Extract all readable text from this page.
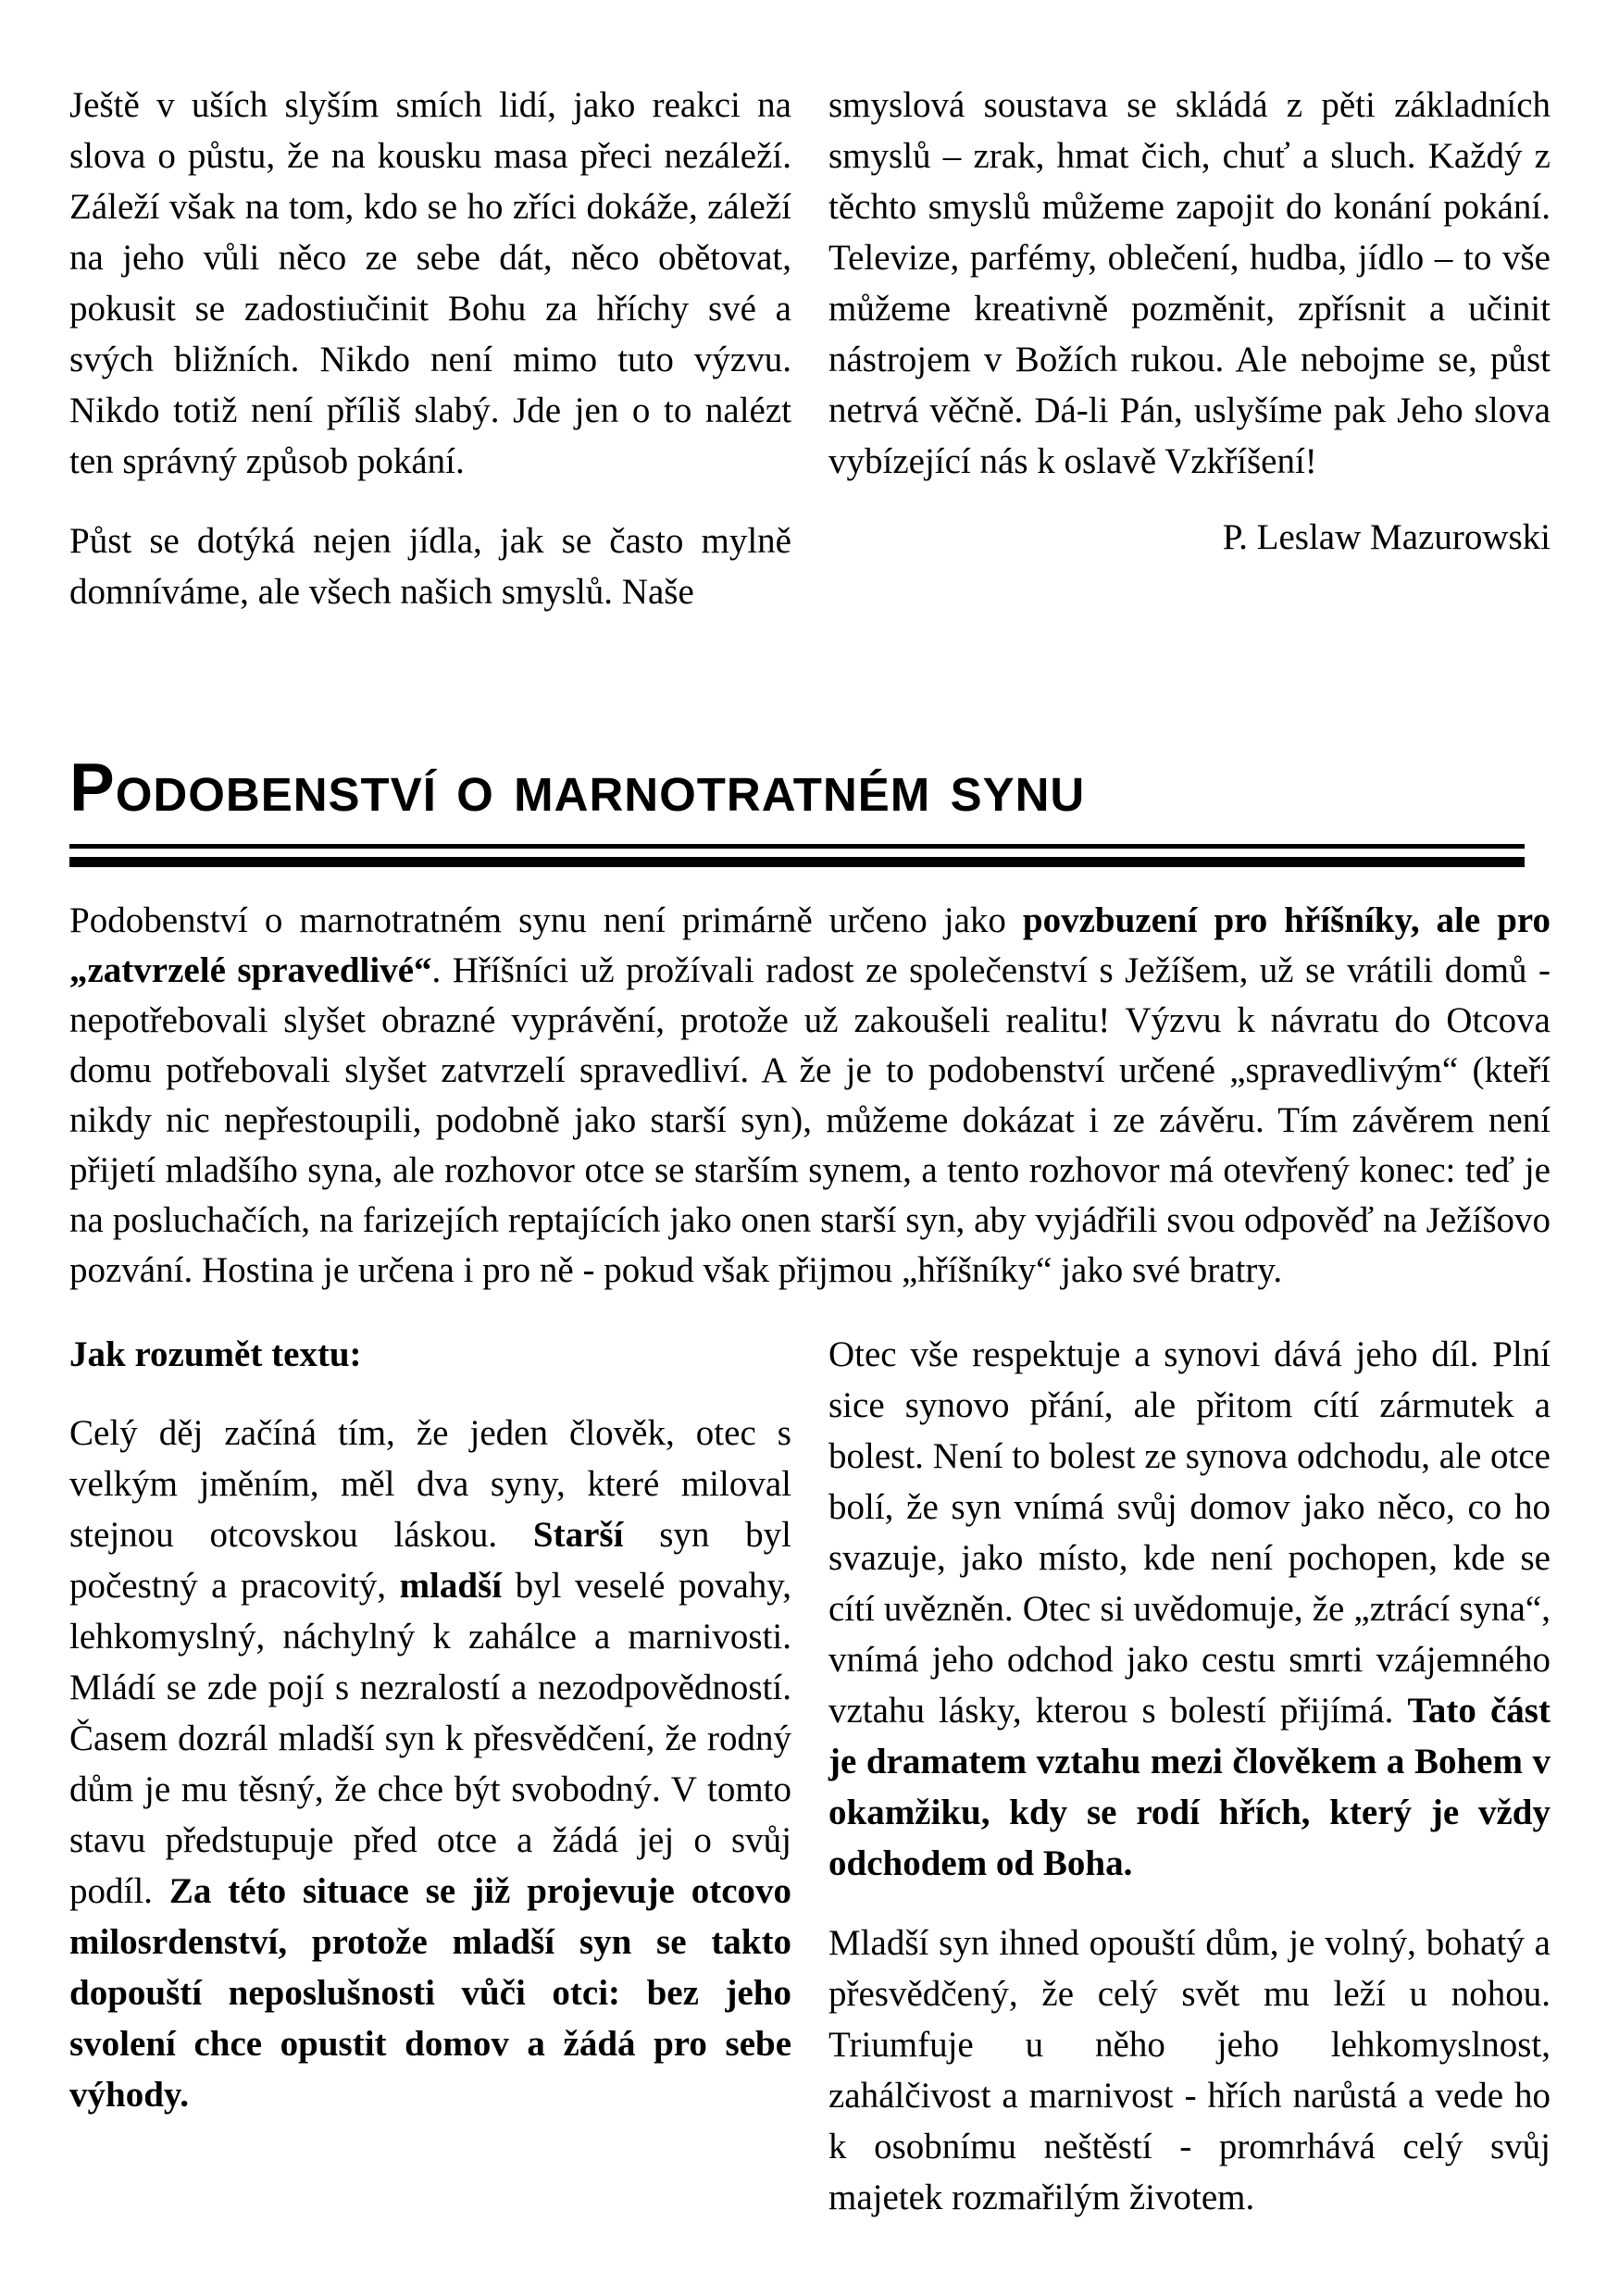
Ještě v uších slyším smích lidí, jako reakci na slova o půstu, že na kousku masa přeci nezáleží. Záleží však na tom, kdo se ho zříci dokáže, záleží na jeho vůli něco ze sebe dát, něco obětovat, pokusit se zadostiučinit Bohu za hříchy své a svých bližních. Nikdo není mimo tuto výzvu. Nikdo totiž není příliš slabý. Jde jen o to nalézt ten správný způsob pokání.

Půst se dotýká nejen jídla, jak se často mylně domníváme, ale všech našich smyslů. Naše

smyslová soustava se skládá z pěti základních smyslů – zrak, hmat čich, chuť a sluch. Každý z těchto smyslů můžeme zapojit do konání pokání. Televize, parfémy, oblečení, hudba, jídlo – to vše můžeme kreativně pozměnit, zpřísnit a učinit nástrojem v Božích rukou. Ale nebojme se, půst netrvá věčně. Dá-li Pán, uslyšíme pak Jeho slova vybízející nás k oslavě Vzkříšení!

P. Leslaw Mazurowski

Podobenství o marnotratném synu

Podobenství o marnotratném synu není primárně určeno jako povzbuzení pro hříšníky, ale pro „zatvrzelé spravedlivé“. Hříšníci už prožívali radost ze společenství s Ježíšem, už se vrátili domů - nepotřebovali slyšet obrazné vyprávění, protože už zakoušeli realitu! Výzvu k návratu do Otcova domu potřebovali slyšet zatvrzelí spravedliví. A že je to podobenství určené „spravedlivým“ (kteří nikdy nic nepřestoupili, podobně jako starší syn), můžeme dokázat i ze závěru. Tím závěrem není přijetí mladšího syna, ale rozhovor otce se starším synem, a tento rozhovor má otevřený konec: teď je na posluchačích, na farizejích reptajících jako onen starší syn, aby vyjádřili svou odpověď na Ježíšovo pozvání. Hostina je určena i pro ně - pokud však přijmou „hříšníky“ jako své bratry.

Jak rozumět textu:

Celý děj začíná tím, že jeden člověk, otec s velkým jměním, měl dva syny, které miloval stejnou otcovskou láskou. Starší syn byl počestný a pracovitý, mladší byl veselé povahy, lehkomyslný, náchylný k zahálce a marnivosti. Mládí se zde pojí s nezralostí a nezodpovědností. Časem dozrál mladší syn k přesvědčení, že rodný dům je mu těsný, že chce být svobodný. V tomto stavu předstupuje před otce a žádá jej o svůj podíl. Za této situace se již projevuje otcovo milosrdenství, protože mladší syn se takto dopouští neposlušnosti vůči otci: bez jeho svolení chce opustit domov a žádá pro sebe výhody.

Otec vše respektuje a synovi dává jeho díl. Plní sice synovo přání, ale přitom cítí zármutek a bolest. Není to bolest ze synova odchodu, ale otce bolí, že syn vnímá svůj domov jako něco, co ho svazuje, jako místo, kde není pochopen, kde se cítí uvězněn. Otec si uvědomuje, že „ztrácí syna“, vnímá jeho odchod jako cestu smrti vzájemného vztahu lásky, kterou s bolestí přijímá. Tato část je dramatem vztahu mezi člověkem a Bohem v okamžiku, kdy se rodí hřích, který je vždy odchodem od Boha.

Mladší syn ihned opouští dům, je volný, bohatý a přesvědčený, že celý svět mu leží u nohou. Triumfuje u něho jeho lehkomyslnost, zahálčivost a marnivost - hřích narůstá a vede ho k osobnímu neštěstí - promrhává celý svůj majetek rozmařilým životem.
